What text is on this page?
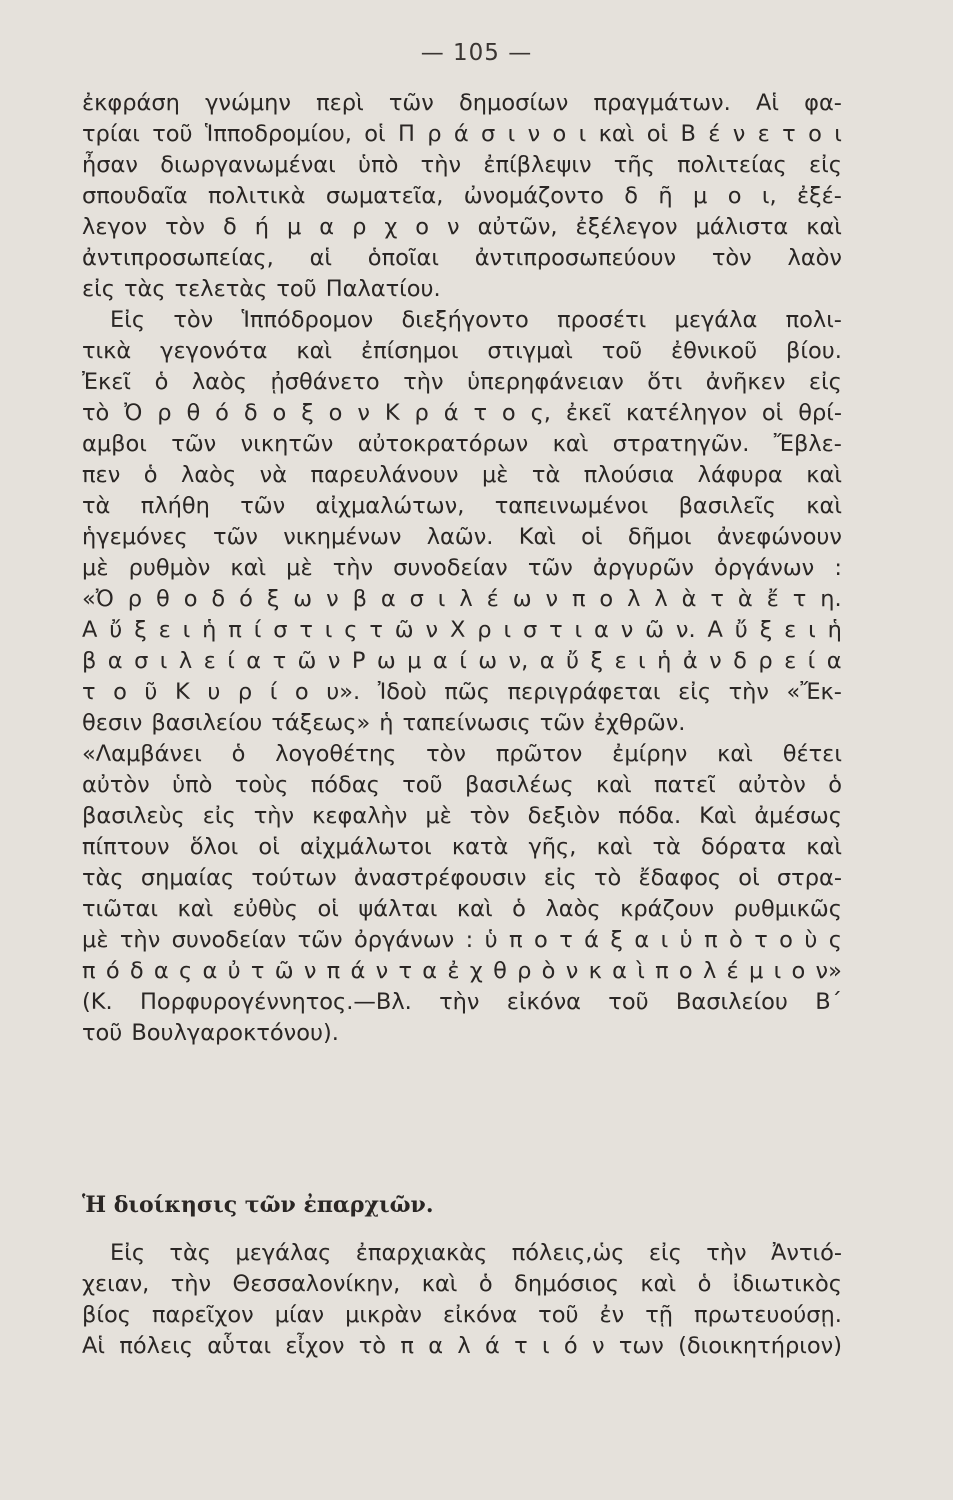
— 105 —
ἐκφράση γνώμην περὶ τῶν δημοσίων πραγμάτων. Αἱ φα-
τρίαι τοῦ Ἱπποδρομίου, οἱ Π ρ ά σ ι ν ο ι καὶ οἱ Β έ ν ε τ ο ι
ἦσαν διωργανωμέναι ὑπὸ τὴν ἐπίβλεψιν τῆς πολιτείας εἰς
σπουδαῖα πολιτικὰ σωματεῖα, ὠνομάζοντο δ ῆ μ ο ι, ἐξέ-
λεγον τὸν δ ή μ α ρ χ ο ν αὐτῶν, ἐξέλεγον μάλιστα καὶ
ἀντιπροσωπείας, αἱ ὁποῖαι ἀντιπροσωπεύουν τὸν λαὸν
εἰς τὰς τελετὰς τοῦ Παλατίου.
Εἰς τὸν Ἱππόδρομον διεξήγοντο προσέτι μεγάλα πολι-
τικὰ γεγονότα καὶ ἐπίσημοι στιγμαὶ τοῦ ἐθνικοῦ βίου.
Ἐκεῖ ὁ λαὸς ᾐσθάνετο τὴν ὑπερηφάνειαν ὅτι ἀνῆκεν εἰς
τὸ Ὀ ρ θ ό δ ο ξ ο ν Κ ρ ά τ ο ς, ἐκεῖ κατέληγον οἱ θρί-
αμβοι τῶν νικητῶν αὐτοκρατόρων καὶ στρατηγῶν. Ἔβλε-
πεν ὁ λαὸς νὰ παρευλάνουν μὲ τὰ πλούσια λάφυρα καὶ
τὰ πλήθη τῶν αἰχμαλώτων, ταπεινωμένοι βασιλεῖς καὶ
ἡγεμόνες τῶν νικημένων λαῶν. Καὶ οἱ δῆμοι ἀνεφώνουν
μὲ ρυθμὸν καὶ μὲ τὴν συνοδείαν τῶν ἀργυρῶν ὀργάνων :
«Ὀ ρ θ ο δ ό ξ ω ν β α σ ι λ έ ω ν π ο λ λ ὰ τ ὰ ἔ τ η.
Α ὔ ξ ε ι ἡ π ί σ τ ι ς τ ῶ ν Χ ρ ι σ τ ι α ν ῶ ν. Α ὔ ξ ε ι ἡ
β α σ ι λ ε ί α τ ῶ ν Ρ ω μ α ί ω ν, α ὔ ξ ε ι ἡ ἀ ν δ ρ ε ί α
τ ο ῦ Κ υ ρ ί ο υ». Ἰδοὺ πῶς περιγράφεται εἰς τὴν «Ἔκ-
θεσιν βασιλείου τάξεως» ἡ ταπείνωσις τῶν ἐχθρῶν.
«Λαμβάνει ὁ λογοθέτης τὸν πρῶτον ἐμίρην καὶ θέτει
αὐτὸν ὑπὸ τοὺς πόδας τοῦ βασιλέως καὶ πατεῖ αὐτὸν ὁ
βασιλεὺς εἰς τὴν κεφαλὴν μὲ τὸν δεξιὸν πόδα. Καὶ ἀμέσως
πίπτουν ὅλοι οἱ αἰχμάλωτοι κατὰ γῆς, καὶ τὰ δόρατα καὶ
τὰς σημαίας τούτων ἀναστρέφουσιν εἰς τὸ ἔδαφος οἱ στρα-
τιῶται καὶ εὐθὺς οἱ ψάλται καὶ ὁ λαὸς κράζουν ρυθμικῶς
μὲ τὴν συνοδείαν τῶν ὀργάνων : ὑ π ο τ ά ξ α ι ὑ π ὸ τ ο ὺ ς
π ό δ α ς α ὐ τ ῶ ν π ά ν τ α ἐ χ θ ρ ὸ ν κ α ὶ π ο λ έ μ ι ο ν»
(Κ. Πορφυρογέννητος.—Βλ. τὴν εἰκόνα τοῦ Βασιλείου Β΄
τοῦ Βουλγαροκτόνου).
Εἰς τὰς μεγάλας ἐπαρχιακὰς πόλεις,ὡς εἰς τὴν Ἀντιό-
χειαν, τὴν Θεσσαλονίκην, καὶ ὁ δημόσιος καὶ ὁ ἰδιωτικὸς
βίος παρεῖχον μίαν μικρὰν εἰκόνα τοῦ ἐν τῇ πρωτευούσῃ.
Αἱ πόλεις αὗται εἶχον τὸ π α λ ά τ ι ό ν των (διοικητήριον)
Ἡ διοίκησις τῶν ἐπαρχιῶν.
